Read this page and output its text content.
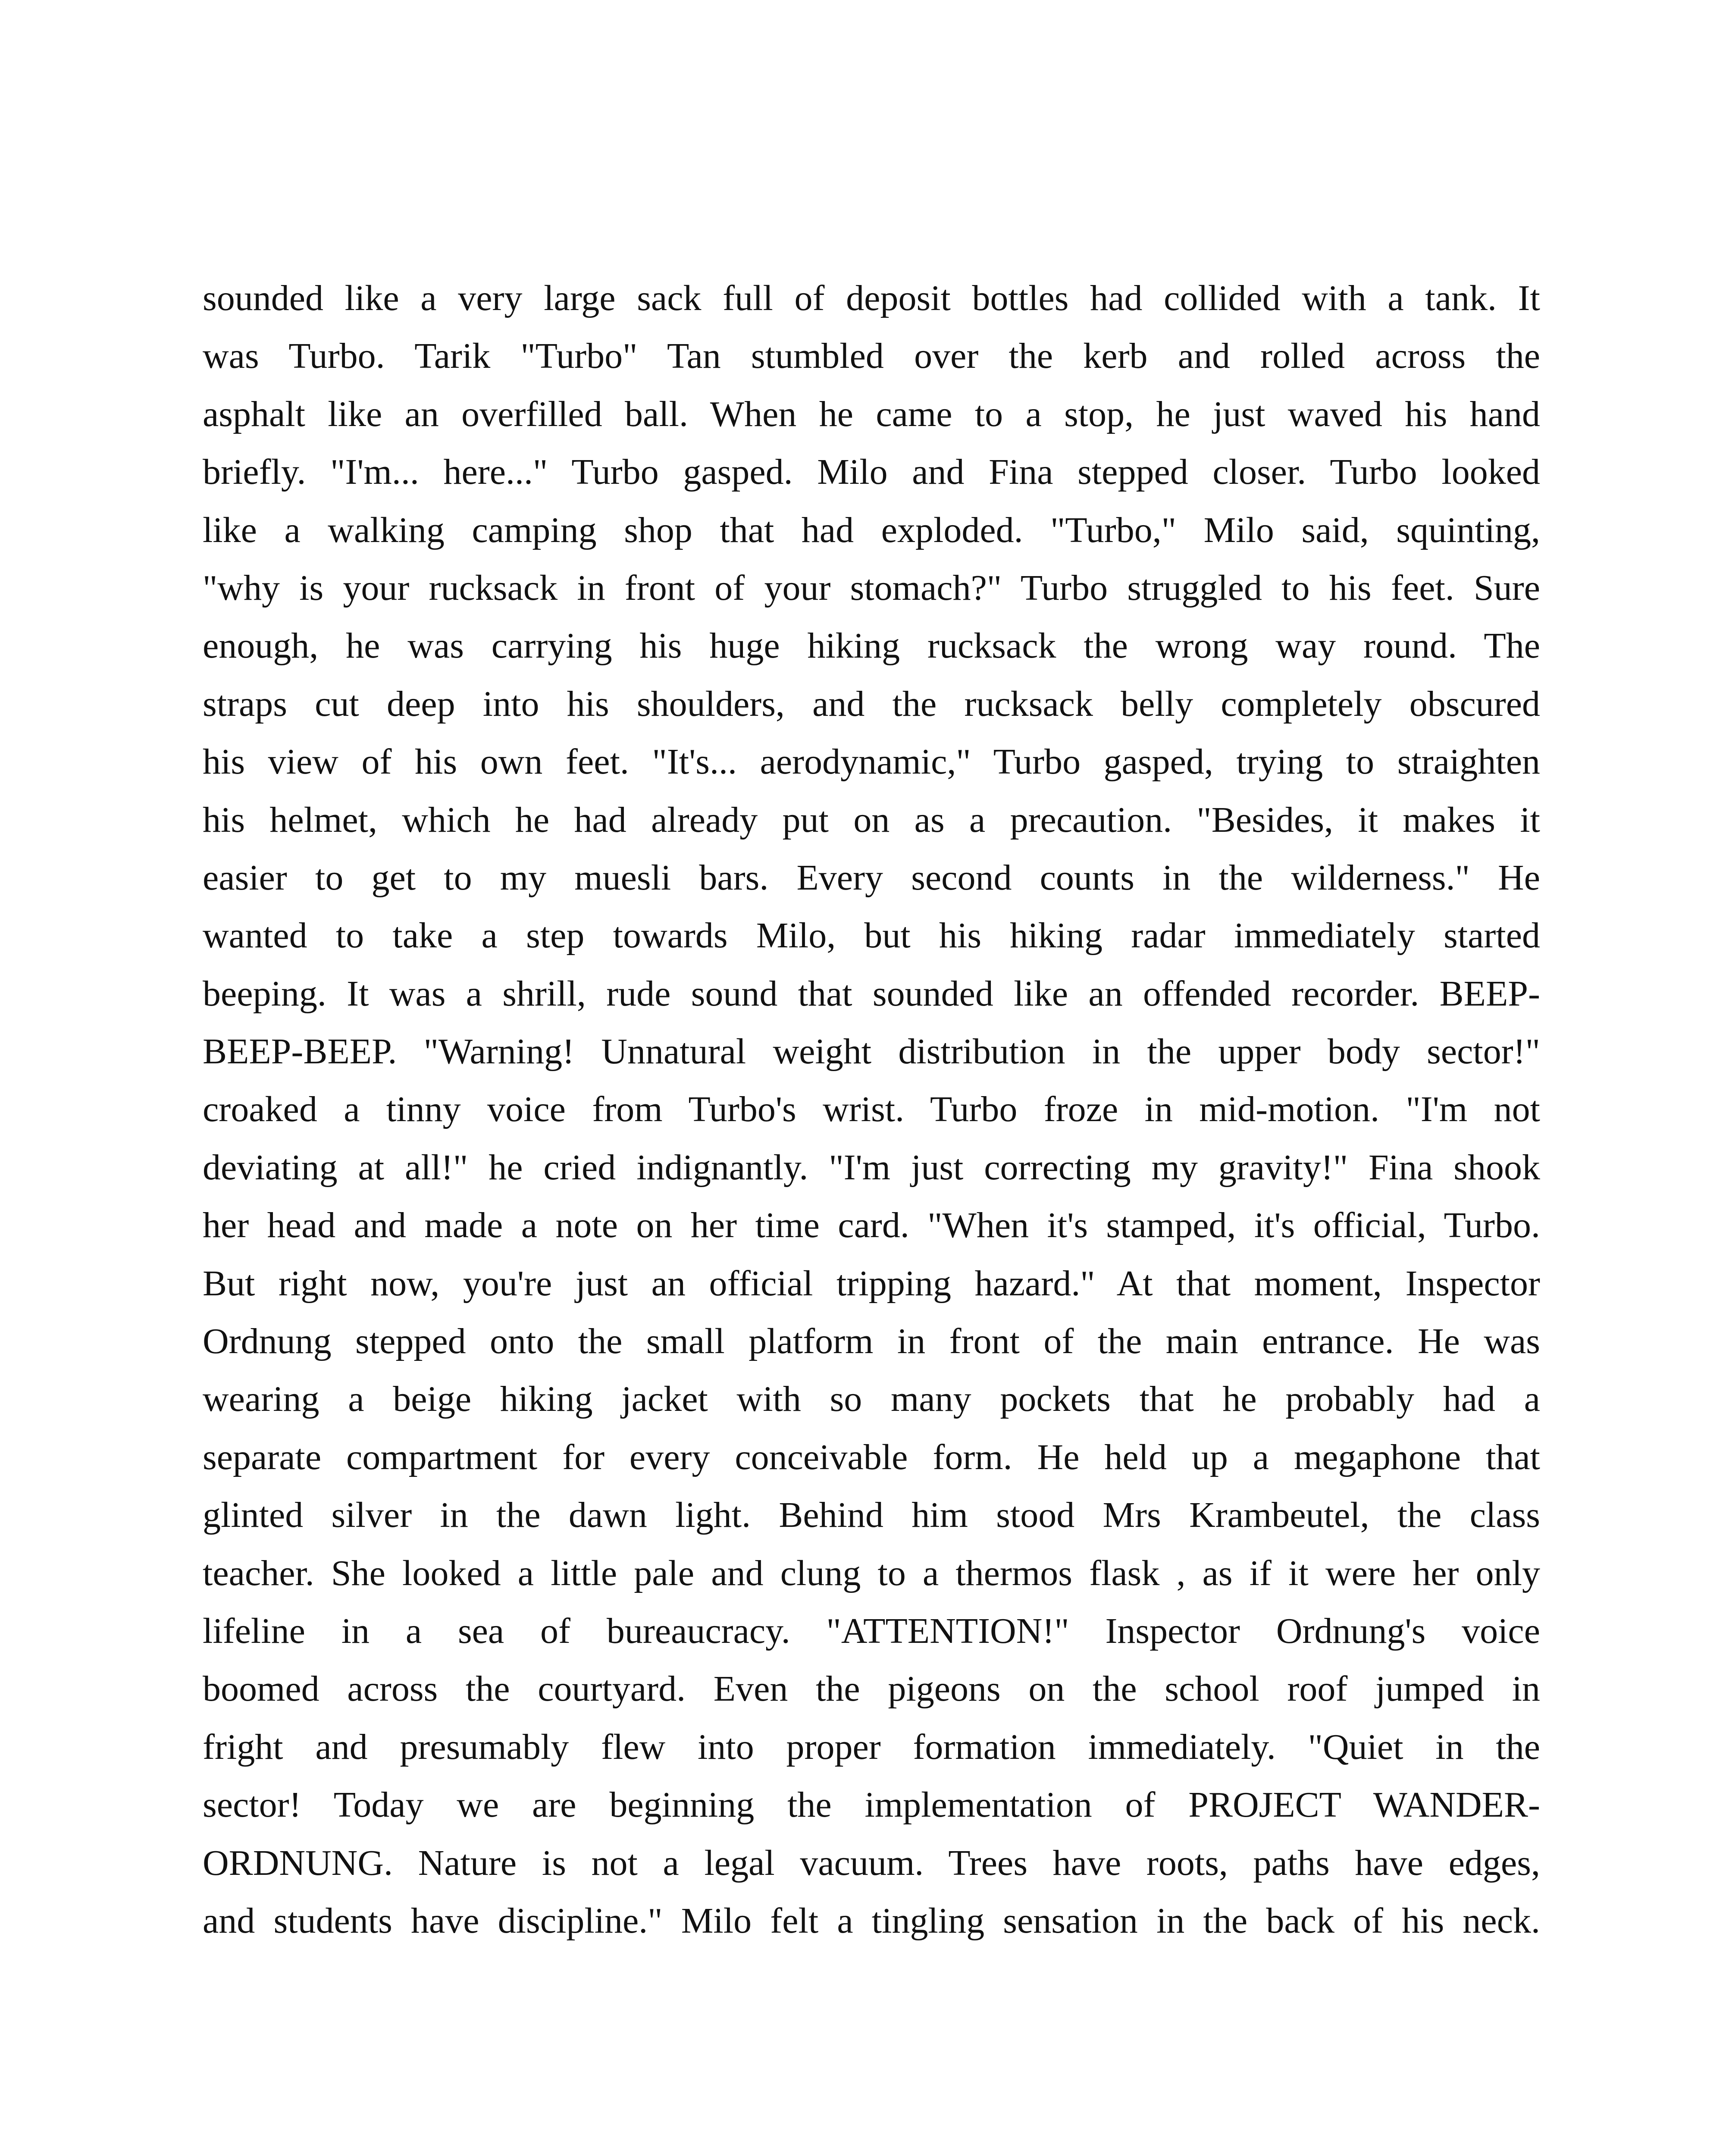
sounded like a very large sack full of deposit bottles had collided with a tank. It
was Turbo. Tarik "Turbo" Tan stumbled over the kerb and rolled across the
asphalt like an overfilled ball. When he came to a stop, he just waved his hand
briefly. "I'm... here..." Turbo gasped. Milo and Fina stepped closer. Turbo looked
like a walking camping shop that had exploded. "Turbo," Milo said, squinting,
"why is your rucksack in front of your stomach?" Turbo struggled to his feet. Sure
enough, he was carrying his huge hiking rucksack the wrong way round. The
straps cut deep into his shoulders, and the rucksack belly completely obscured
his view of his own feet. "It's... aerodynamic," Turbo gasped, trying to straighten
his helmet, which he had already put on as a precaution. "Besides, it makes it
easier to get to my muesli bars. Every second counts in the wilderness." He
wanted to take a step towards Milo, but his hiking radar immediately started
beeping. It was a shrill, rude sound that sounded like an offended recorder. BEEP-
BEEP-BEEP. "Warning! Unnatural weight distribution in the upper body sector!"
croaked a tinny voice from Turbo's wrist. Turbo froze in mid-motion. "I'm not
deviating at all!" he cried indignantly. "I'm just correcting my gravity!" Fina shook
her head and made a note on her time card. "When it's stamped, it's official, Turbo.
But right now, you're just an official tripping hazard." At that moment, Inspector
Ordnung stepped onto the small platform in front of the main entrance. He was
wearing a beige hiking jacket with so many pockets that he probably had a
separate compartment for every conceivable form. He held up a megaphone that
glinted silver in the dawn light. Behind him stood Mrs Krambeutel, the class
teacher. She looked a little pale and clung to a thermos flask , as if it were her only
lifeline in a sea of bureaucracy. "ATTENTION!" Inspector Ordnung's voice
boomed across the courtyard. Even the pigeons on the school roof jumped in
fright and presumably flew into proper formation immediately. "Quiet in the
sector! Today we are beginning the implementation of PROJECT WANDER-
ORDNUNG. Nature is not a legal vacuum. Trees have roots, paths have edges,
and students have discipline." Milo felt a tingling sensation in the back of his neck.
